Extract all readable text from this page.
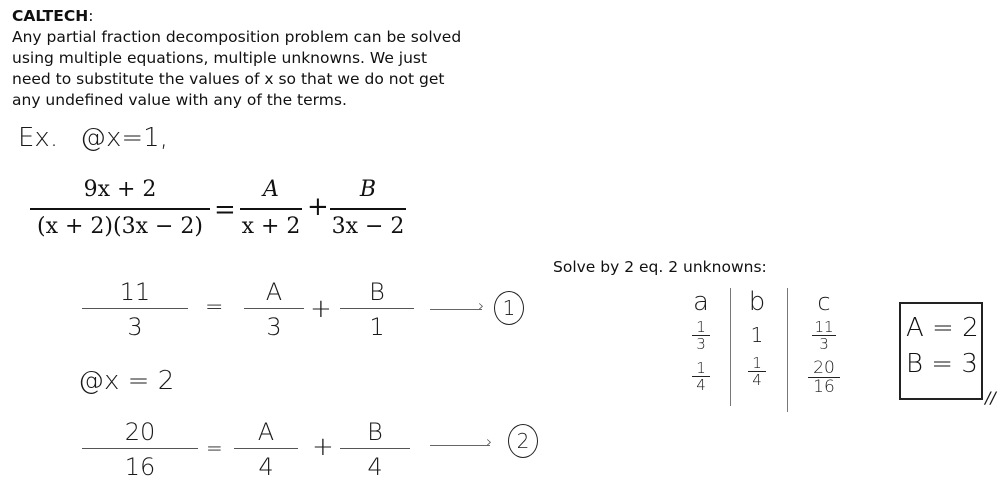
CALTECH:
Any partial fraction decomposition problem can be solved
using multiple equations, multiple unknowns. We just
need to substitute the values of x so that we do not get
any undefined value with any of the terms.
Ex. @x=1,
9x + 2
(x + 2)(3x − 2)
=
A
x + 2
+
B
3x − 2
11
3
=
A
3
+
B
1
› 1
@x = 2
20
16
=
A
4
+	B
4
›	2
Solve by 2 eq. 2 unknowns:
a
1
3
1
4
b
1
1
4
c
11
3
20
16
A = 2
B = 3
//
